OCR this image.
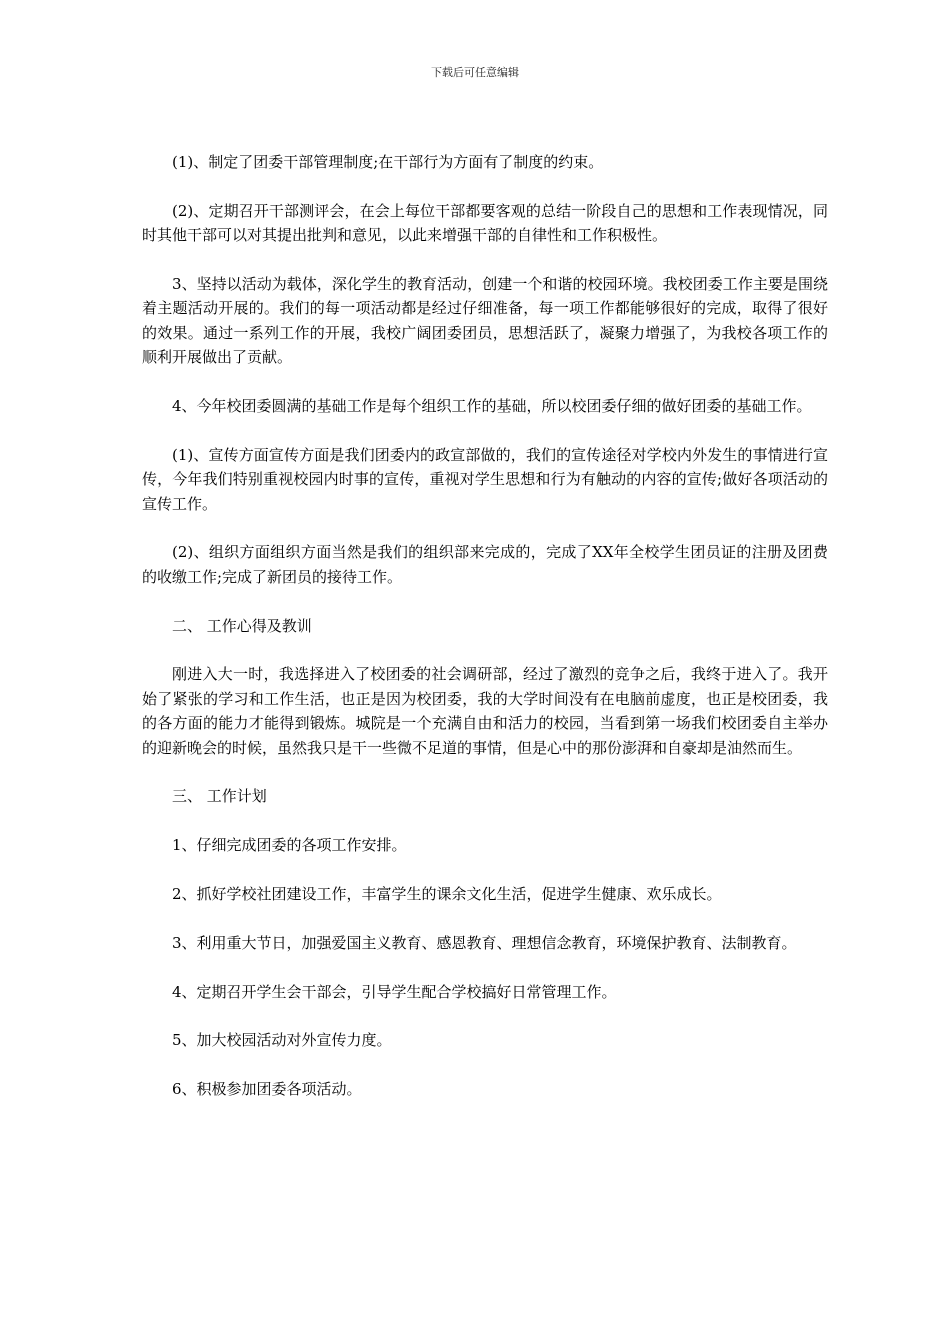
下载后可任意编辑

(1)、制定了团委干部管理制度;在干部行为方面有了制度的约束。

(2)、定期召开干部测评会，在会上每位干部都要客观的总结一阶段自己的思想和工作表现情况，同时其他干部可以对其提出批判和意见，以此来增强干部的自律性和工作积极性。

3、坚持以活动为载体，深化学生的教育活动，创建一个和谐的校园环境。我校团委工作主要是围绕着主题活动开展的。我们的每一项活动都是经过仔细准备，每一项工作都能够很好的完成，取得了很好的效果。通过一系列工作的开展，我校广阔团委团员，思想活跃了，凝聚力增强了，为我校各项工作的顺利开展做出了贡献。

4、今年校团委圆满的基础工作是每个组织工作的基础，所以校团委仔细的做好团委的基础工作。

(1)、宣传方面宣传方面是我们团委内的政宣部做的，我们的宣传途径对学校内外发生的事情进行宣传，今年我们特别重视校园内时事的宣传，重视对学生思想和行为有触动的内容的宣传;做好各项活动的宣传工作。

(2)、组织方面组织方面当然是我们的组织部来完成的，完成了XX年全校学生团员证的注册及团费的收缴工作;完成了新团员的接待工作。

二、 工作心得及教训

刚进入大一时，我选择进入了校团委的社会调研部，经过了激烈的竞争之后，我终于进入了。我开始了紧张的学习和工作生活，也正是因为校团委，我的大学时间没有在电脑前虚度，也正是校团委，我的各方面的能力才能得到锻炼。城院是一个充满自由和活力的校园，当看到第一场我们校团委自主举办的迎新晚会的时候，虽然我只是干一些微不足道的事情，但是心中的那份澎湃和自豪却是油然而生。

三、 工作计划

1、仔细完成团委的各项工作安排。

2、抓好学校社团建设工作，丰富学生的课余文化生活，促进学生健康、欢乐成长。

3、利用重大节日，加强爱国主义教育、感恩教育、理想信念教育，环境保护教育、法制教育。

4、定期召开学生会干部会，引导学生配合学校搞好日常管理工作。

5、加大校园活动对外宣传力度。

6、积极参加团委各项活动。
